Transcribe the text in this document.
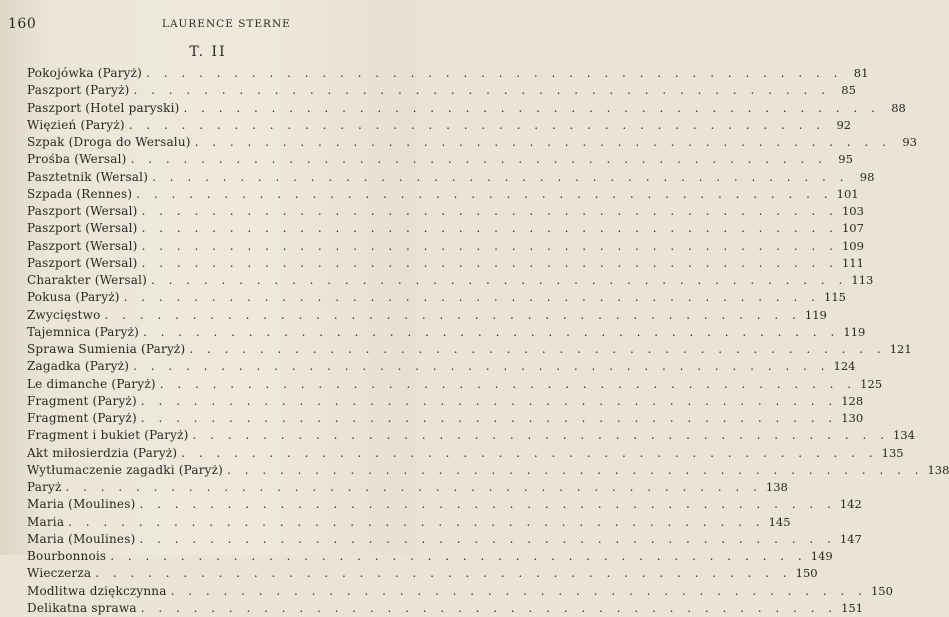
160	LAURENCE STERNE
T. II
Pokojówka (Paryż) . . . . . . . . . . . . . . . . . . . . . . . . . . . . . . . . . . . . . . . . 81
Paszport (Paryż) . . . . . . . . . . . . . . . . . . . . . . . . . . . . . . . . . . . . . . . . 85
Paszport (Hotel paryski) . . . . . . . . . . . . . . . . . . . . . . . . . . . . . . . . . . . . . . . . 88
Więzień (Paryż) . . . . . . . . . . . . . . . . . . . . . . . . . . . . . . . . . . . . . . . . 92
Szpak (Droga do Wersalu) . . . . . . . . . . . . . . . . . . . . . . . . . . . . . . . . . . . . . . . . 93
Prośba (Wersal) . . . . . . . . . . . . . . . . . . . . . . . . . . . . . . . . . . . . . . . . 95
Pasztetnik (Wersal) . . . . . . . . . . . . . . . . . . . . . . . . . . . . . . . . . . . . . . . . 98
Szpada (Rennes) . . . . . . . . . . . . . . . . . . . . . . . . . . . . . . . . . . . . . . . . 101
Paszport (Wersal) . . . . . . . . . . . . . . . . . . . . . . . . . . . . . . . . . . . . . . . . 103
Paszport (Wersal) . . . . . . . . . . . . . . . . . . . . . . . . . . . . . . . . . . . . . . . . 107
Paszport (Wersal) . . . . . . . . . . . . . . . . . . . . . . . . . . . . . . . . . . . . . . . . 109
Paszport (Wersal) . . . . . . . . . . . . . . . . . . . . . . . . . . . . . . . . . . . . . . . . 111
Charakter (Wersal) . . . . . . . . . . . . . . . . . . . . . . . . . . . . . . . . . . . . . . . . 113
Pokusa (Paryż) . . . . . . . . . . . . . . . . . . . . . . . . . . . . . . . . . . . . . . . . 115
Zwycięstwo . . . . . . . . . . . . . . . . . . . . . . . . . . . . . . . . . . . . . . . . 119
Tajemnica (Paryż) . . . . . . . . . . . . . . . . . . . . . . . . . . . . . . . . . . . . . . . . 119
Sprawa Sumienia (Paryż) . . . . . . . . . . . . . . . . . . . . . . . . . . . . . . . . . . . . . . . . 121
Zagadka (Paryż) . . . . . . . . . . . . . . . . . . . . . . . . . . . . . . . . . . . . . . . . 124
Le dimanche (Paryż) . . . . . . . . . . . . . . . . . . . . . . . . . . . . . . . . . . . . . . . . 125
Fragment (Paryż) . . . . . . . . . . . . . . . . . . . . . . . . . . . . . . . . . . . . . . . . 128
Fragment (Paryż) . . . . . . . . . . . . . . . . . . . . . . . . . . . . . . . . . . . . . . . . 130
Fragment i bukiet (Paryż) . . . . . . . . . . . . . . . . . . . . . . . . . . . . . . . . . . . . . . . . 134
Akt miłosierdzia (Paryż) . . . . . . . . . . . . . . . . . . . . . . . . . . . . . . . . . . . . . . . . 135
Wytłumaczenie zagadki (Paryż) . . . . . . . . . . . . . . . . . . . . . . . . . . . . . . . . . . . . . . . . 138
Paryż . . . . . . . . . . . . . . . . . . . . . . . . . . . . . . . . . . . . . . . . 138
Maria (Moulines) . . . . . . . . . . . . . . . . . . . . . . . . . . . . . . . . . . . . . . . . 142
Maria . . . . . . . . . . . . . . . . . . . . . . . . . . . . . . . . . . . . . . . . 145
Maria (Moulines) . . . . . . . . . . . . . . . . . . . . . . . . . . . . . . . . . . . . . . . . 147
Bourbonnois . . . . . . . . . . . . . . . . . . . . . . . . . . . . . . . . . . . . . . . . 149
Wieczerza . . . . . . . . . . . . . . . . . . . . . . . . . . . . . . . . . . . . . . . . 150
Modlitwa dziękczynna . . . . . . . . . . . . . . . . . . . . . . . . . . . . . . . . . . . . . . . . 150
Delikatna sprawa . . . . . . . . . . . . . . . . . . . . . . . . . . . . . . . . . . . . . . . . 151
